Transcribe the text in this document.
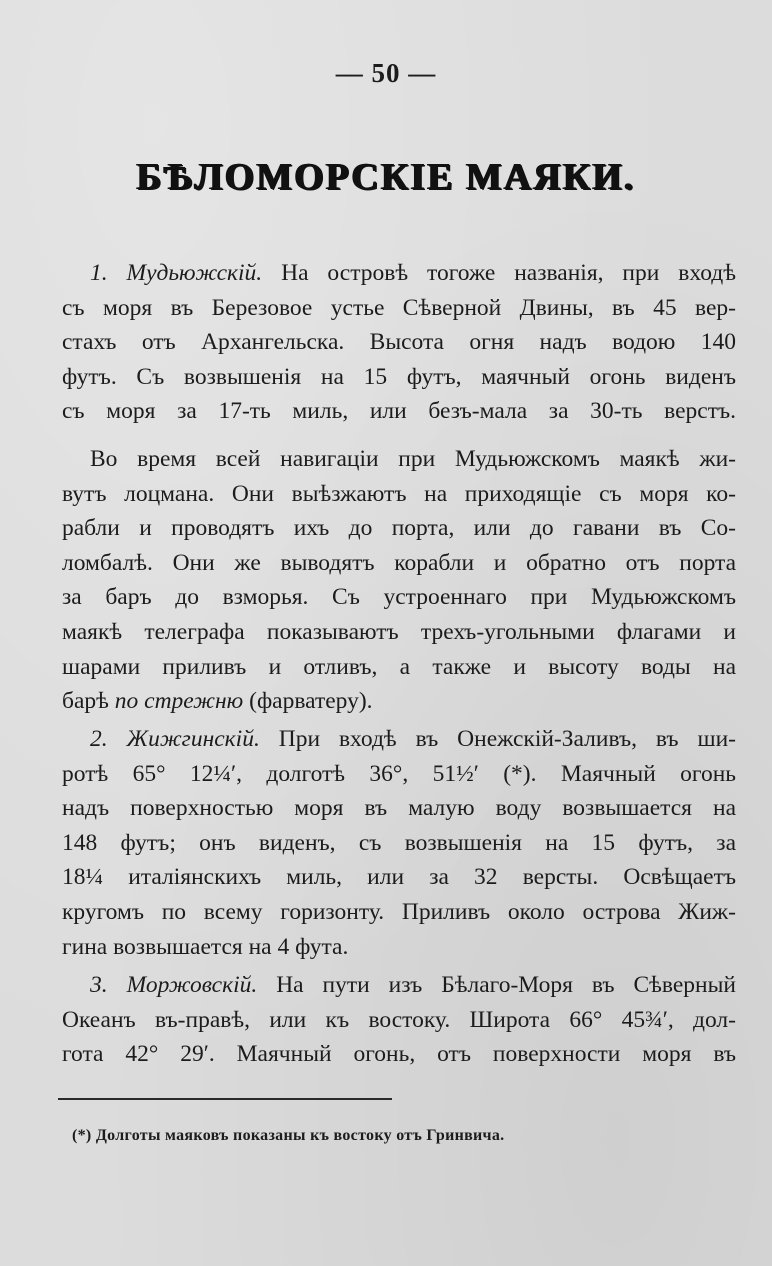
— 50 —
БѢЛОМОРСКІЕ МАЯКИ.
1. Мудьюжскій. На островѣ тогоже названія, при входѣ
съ моря въ Березовое устье Сѣверной Двины, въ 45 вер-
стахъ отъ Архангельска. Высота огня надъ водою 140
футъ. Съ возвышенія на 15 футъ, маячный огонь виденъ
съ моря за 17-ть миль, или безъ-мала за 30-ть верстъ.
Во время всей навигаціи при Мудьюжскомъ маякѣ жи-
вутъ лоцмана. Они выѣзжаютъ на приходящіе съ моря ко-
рабли и проводятъ ихъ до порта, или до гавани въ Со-
ломбалѣ. Они же выводятъ корабли и обратно отъ порта
за баръ до взморья. Съ устроеннаго при Мудьюжскомъ
маякѣ телеграфа показываютъ трехъ-угольными флагами и
шарами приливъ и отливъ, а также и высоту воды на
барѣ по стрежню (фарватеру).
2. Жижгинскій. При входѣ въ Онежскій-Заливъ, въ ши-
ротѣ 65° 12¼′, долготѣ 36°, 51½′ (*). Маячный огонь
надъ поверхностью моря въ малую воду возвышается на
148 футъ; онъ виденъ, съ возвышенія на 15 футъ, за
18¼ италіянскихъ миль, или за 32 версты. Освѣщаетъ
кругомъ по всему горизонту. Приливъ около острова Жиж-
гина возвышается на 4 фута.
3. Моржовскій. На пути изъ Бѣлаго-Моря въ Сѣверный
Океанъ въ-правѣ, или къ востоку. Широта 66° 45¾′, дол-
гота 42° 29′. Маячный огонь, отъ поверхности моря въ
(*) Долготы маяковъ показаны къ востоку отъ Гринвича.
